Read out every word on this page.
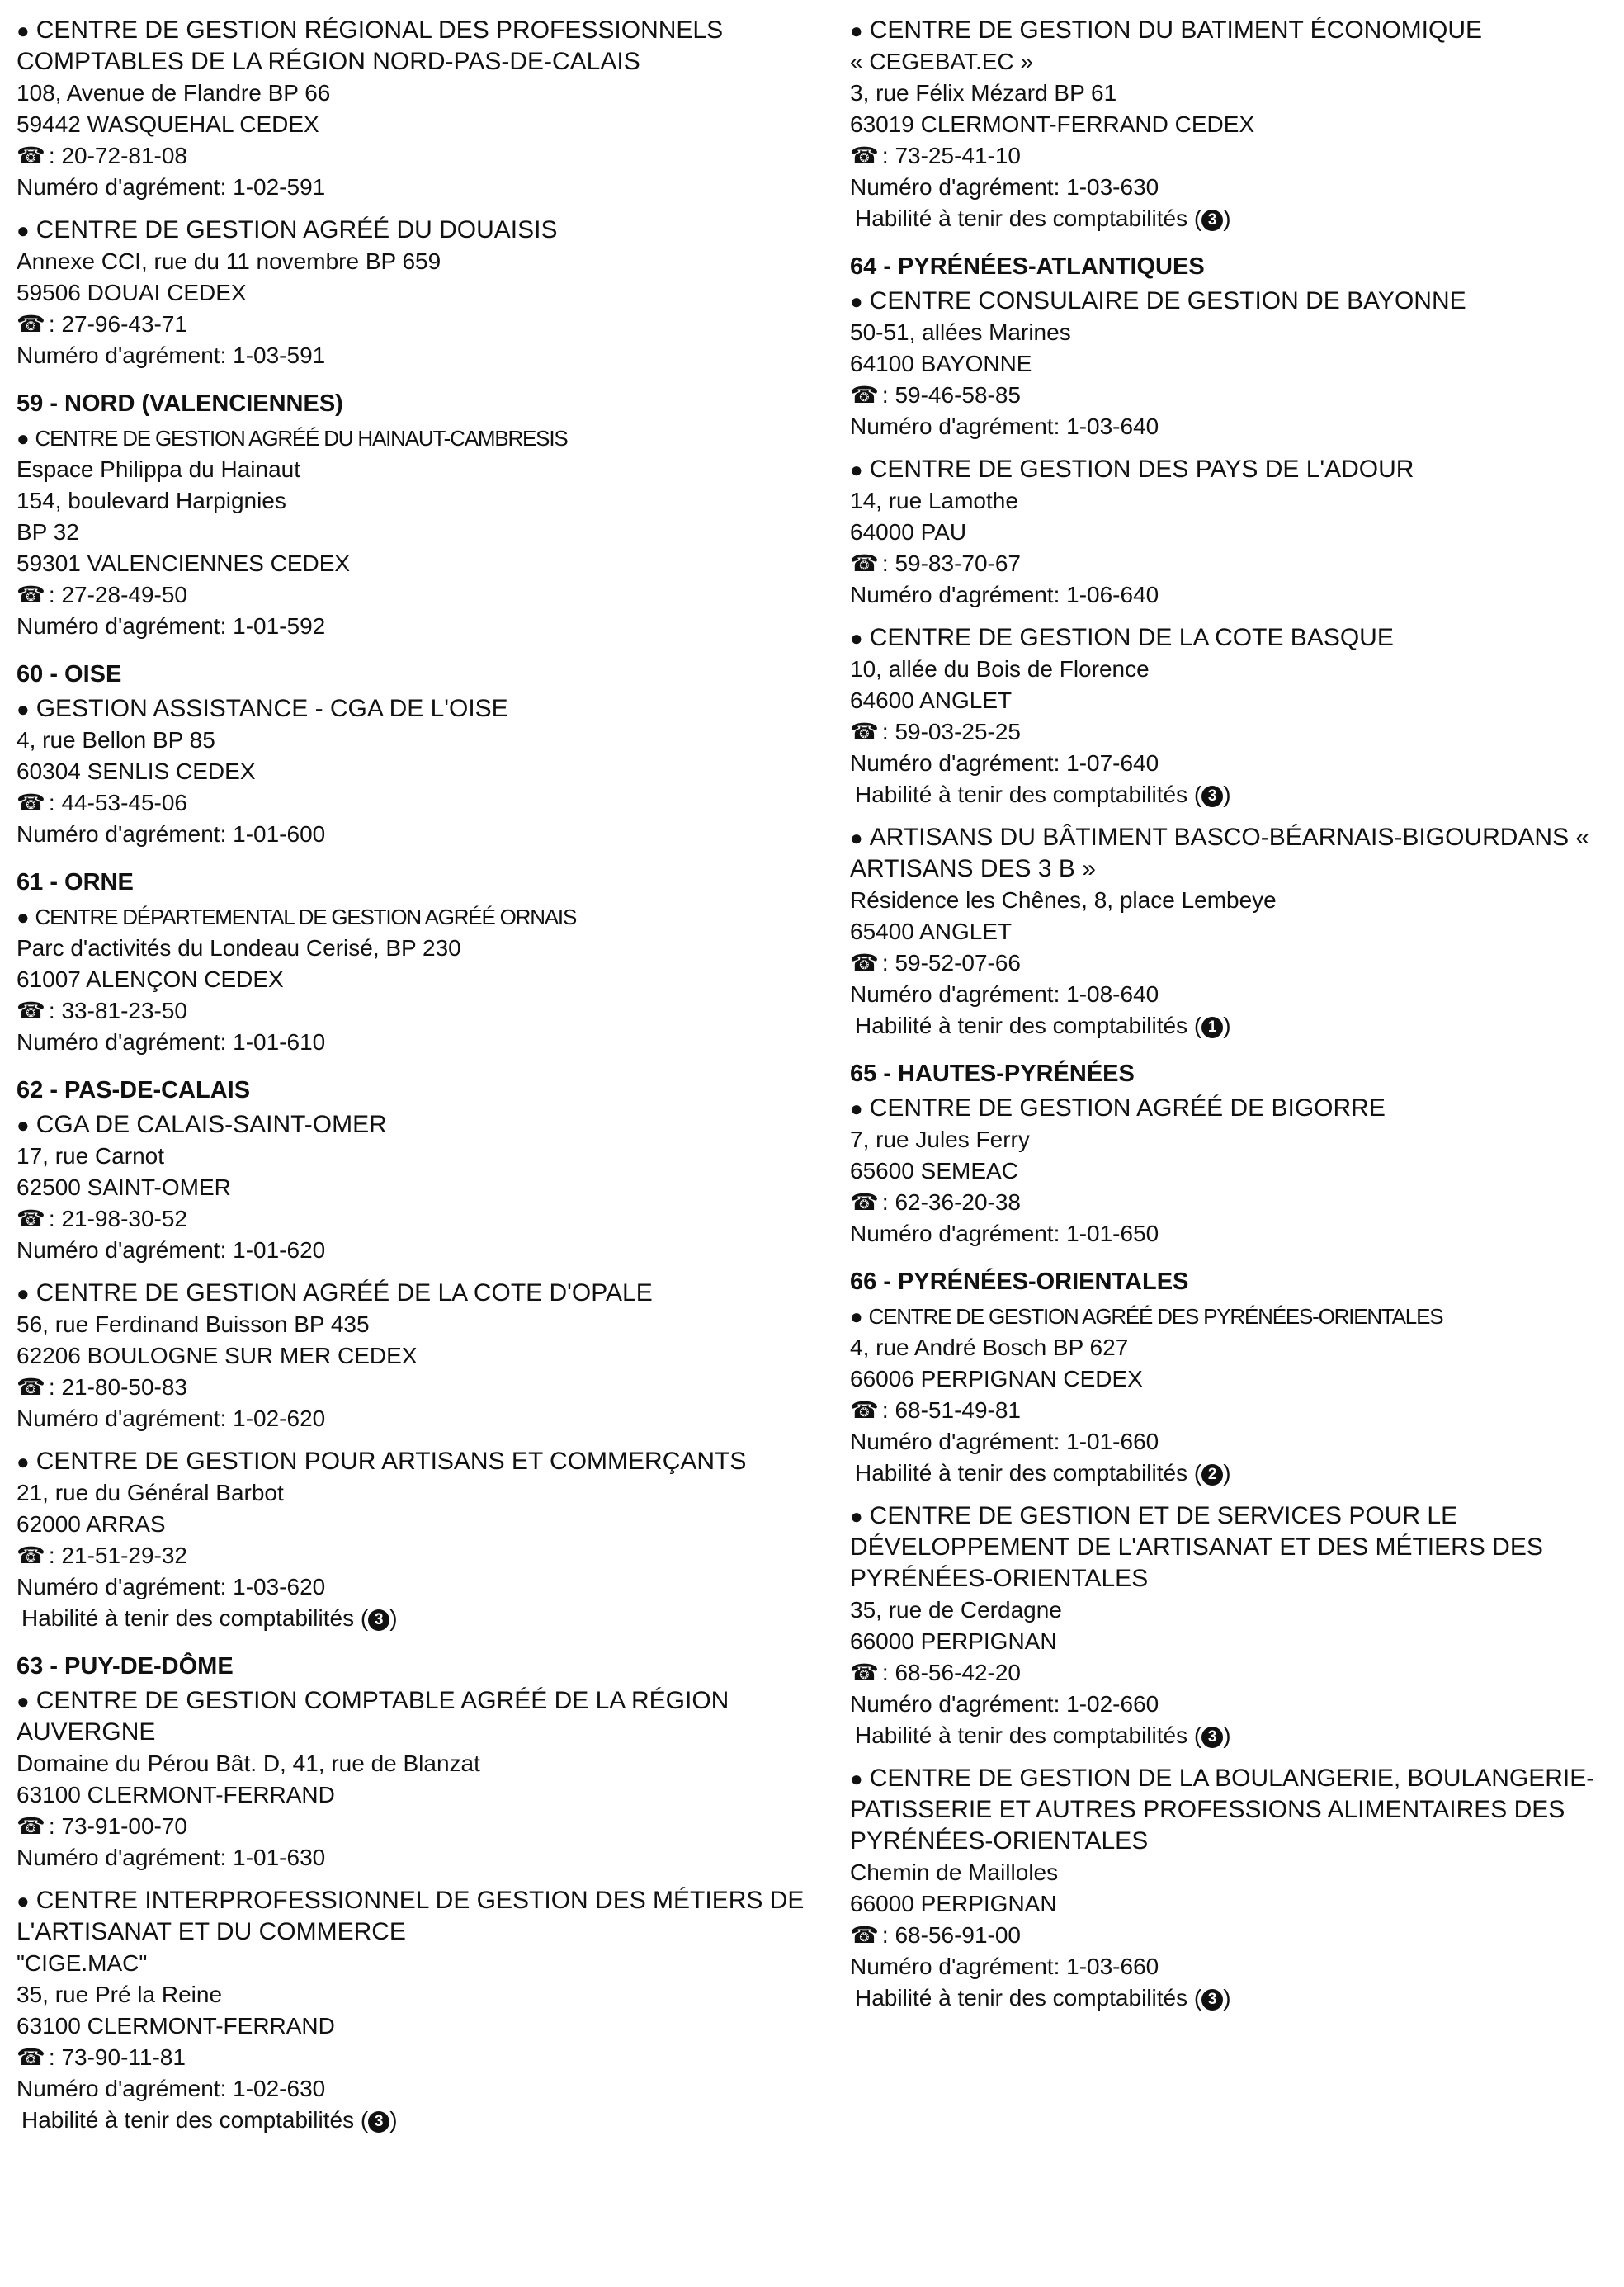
● CENTRE DE GESTION RÉGIONAL DES PROFESSIONNELS COMPTABLES DE LA RÉGION NORD-PAS-DE-CALAIS
108, Avenue de Flandre BP 66
59442 WASQUEHAL CEDEX
☎ : 20-72-81-08
Numéro d'agrément: 1-02-591
● CENTRE DE GESTION AGRÉÉ DU DOUAISIS
Annexe CCI, rue du 11 novembre BP 659
59506 DOUAI CEDEX
☎ : 27-96-43-71
Numéro d'agrément: 1-03-591
59 - NORD (VALENCIENNES)
● CENTRE DE GESTION AGRÉÉ DU HAINAUT-CAMBRESIS
Espace Philippa du Hainaut
154, boulevard Harpignies
BP 32
59301 VALENCIENNES CEDEX
☎ : 27-28-49-50
Numéro d'agrément: 1-01-592
60 - OISE
● GESTION ASSISTANCE - CGA DE L'OISE
4, rue Bellon BP 85
60304 SENLIS CEDEX
☎ : 44-53-45-06
Numéro d'agrément: 1-01-600
61 - ORNE
● CENTRE DÉPARTEMENTAL DE GESTION AGRÉÉ ORNAIS
Parc d'activités du Londeau Cerisé, BP 230
61007 ALENÇON CEDEX
☎ : 33-81-23-50
Numéro d'agrément: 1-01-610
62 - PAS-DE-CALAIS
● CGA DE CALAIS-SAINT-OMER
17, rue Carnot
62500 SAINT-OMER
☎ : 21-98-30-52
Numéro d'agrément: 1-01-620
● CENTRE DE GESTION AGRÉÉ DE LA COTE D'OPALE
56, rue Ferdinand Buisson BP 435
62206 BOULOGNE SUR MER CEDEX
☎ : 21-80-50-83
Numéro d'agrément: 1-02-620
● CENTRE DE GESTION POUR ARTISANS ET COMMERÇANTS
21, rue du Général Barbot
62000 ARRAS
☎ : 21-51-29-32
Numéro d'agrément: 1-03-620
Habilité à tenir des comptabilités ( 3 )
63 - PUY-DE-DÔME
● CENTRE DE GESTION COMPTABLE AGRÉÉ DE LA RÉGION AUVERGNE
Domaine du Pérou Bât. D, 41, rue de Blanzat
63100 CLERMONT-FERRAND
☎ : 73-91-00-70
Numéro d'agrément: 1-01-630
● CENTRE INTERPROFESSIONNEL DE GESTION DES MÉTIERS DE L'ARTISANAT ET DU COMMERCE
"CIGE.MAC"
35, rue Pré la Reine
63100 CLERMONT-FERRAND
☎ : 73-90-11-81
Numéro d'agrément: 1-02-630
Habilité à tenir des comptabilités ( 3 )
● CENTRE DE GESTION DU BATIMENT ÉCONOMIQUE
« CEGEBAT.EC »
3, rue Félix Mézard BP 61
63019 CLERMONT-FERRAND CEDEX
☎ : 73-25-41-10
Numéro d'agrément: 1-03-630
Habilité à tenir des comptabilités ( 3 )
64 - PYRÉNÉES-ATLANTIQUES
● CENTRE CONSULAIRE DE GESTION DE BAYONNE
50-51, allées Marines
64100 BAYONNE
☎ : 59-46-58-85
Numéro d'agrément: 1-03-640
● CENTRE DE GESTION DES PAYS DE L'ADOUR
14, rue Lamothe
64000 PAU
☎ : 59-83-70-67
Numéro d'agrément: 1-06-640
● CENTRE DE GESTION DE LA COTE BASQUE
10, allée du Bois de Florence
64600 ANGLET
☎ : 59-03-25-25
Numéro d'agrément: 1-07-640
Habilité à tenir des comptabilités ( 3 )
● ARTISANS DU BÂTIMENT BASCO-BÉARNAIS-BIGOURDANS « ARTISANS DES 3 B »
Résidence les Chênes, 8, place Lembeye
65400 ANGLET
☎ : 59-52-07-66
Numéro d'agrément: 1-08-640
Habilité à tenir des comptabilités ( 1 )
65 - HAUTES-PYRÉNÉES
● CENTRE DE GESTION AGRÉÉ DE BIGORRE
7, rue Jules Ferry
65600 SEMEAC
☎ : 62-36-20-38
Numéro d'agrément: 1-01-650
66 - PYRÉNÉES-ORIENTALES
● CENTRE DE GESTION AGRÉÉ DES PYRÉNÉES-ORIENTALES
4, rue André Bosch BP 627
66006 PERPIGNAN CEDEX
☎ : 68-51-49-81
Numéro d'agrément: 1-01-660
Habilité à tenir des comptabilités ( 2 )
● CENTRE DE GESTION ET DE SERVICES POUR LE DÉVELOPPEMENT DE L'ARTISANAT ET DES MÉTIERS DES PYRÉNÉES-ORIENTALES
35, rue de Cerdagne
66000 PERPIGNAN
☎ : 68-56-42-20
Numéro d'agrément: 1-02-660
Habilité à tenir des comptabilités ( 3 )
● CENTRE DE GESTION DE LA BOULANGERIE, BOULANGERIE-PATISSERIE ET AUTRES PROFESSIONS ALIMENTAIRES DES PYRÉNÉES-ORIENTALES
Chemin de Mailloles
66000 PERPIGNAN
☎ : 68-56-91-00
Numéro d'agrément: 1-03-660
Habilité à tenir des comptabilités ( 3 )
